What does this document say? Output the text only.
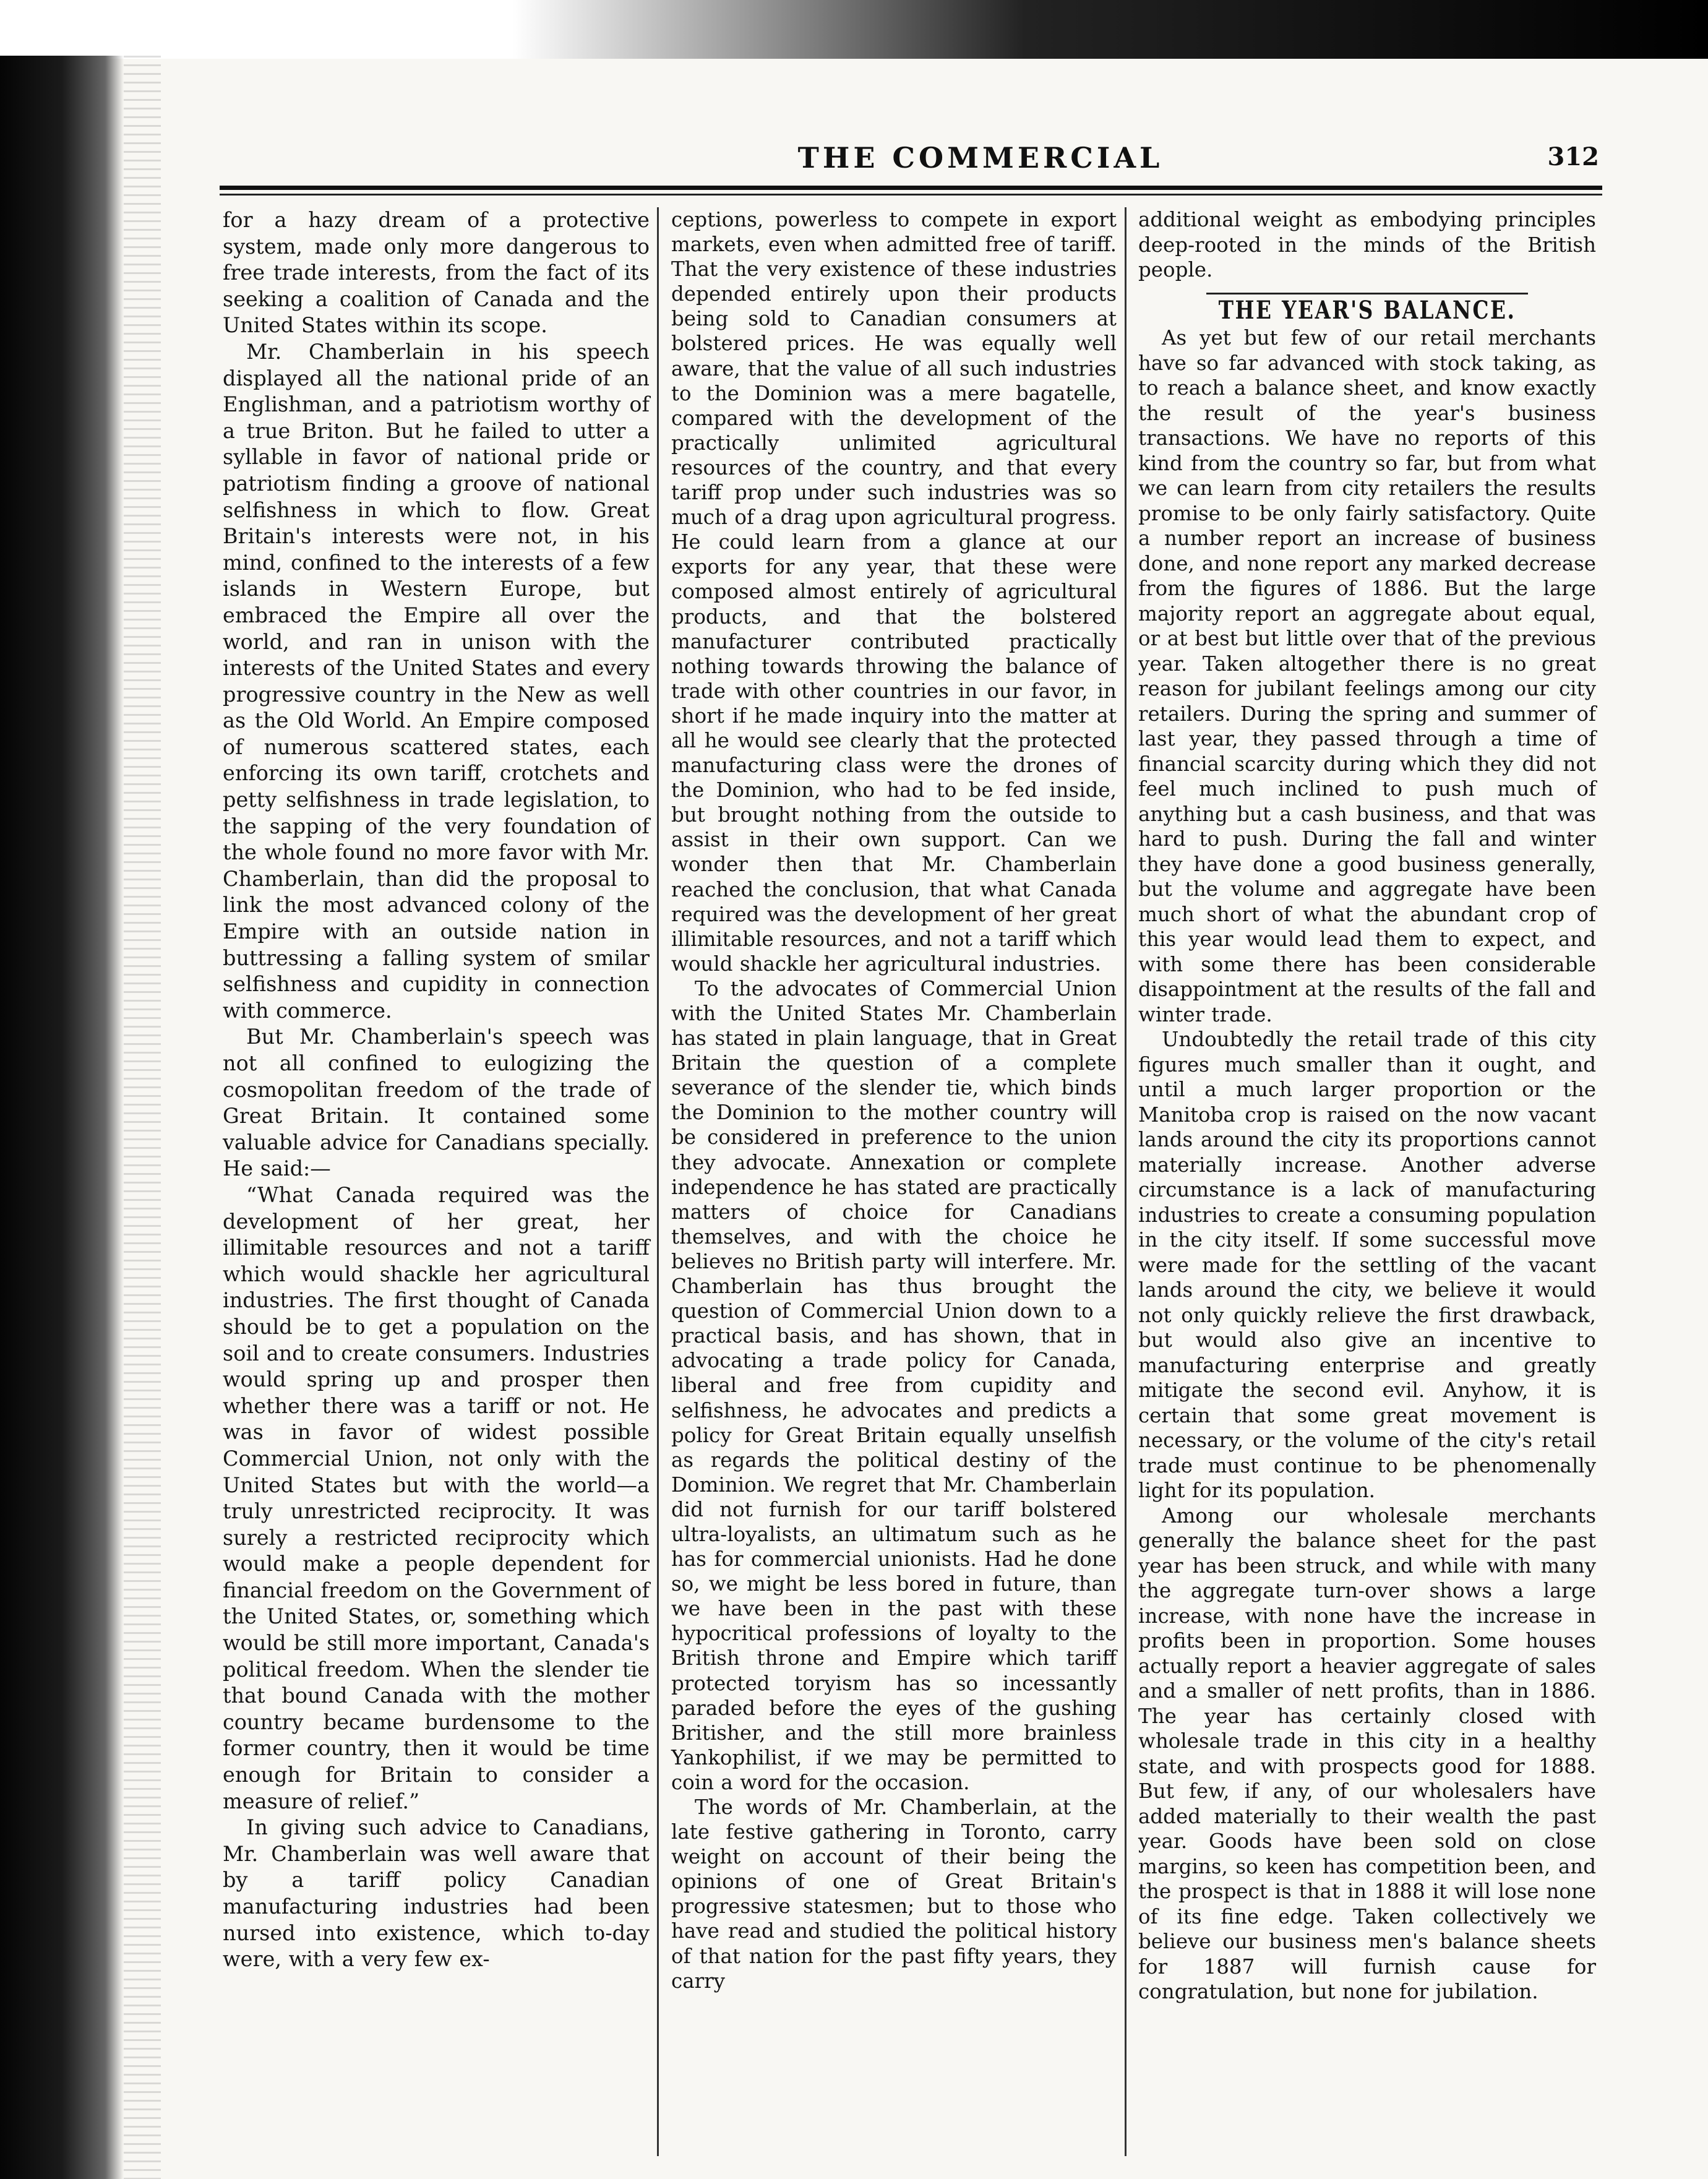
THE COMMERCIAL	312

for a hazy dream of a protective system, made only more dangerous to free trade interests, from the fact of its seeking a coalition of Canada and the United States within its scope.

Mr. Chamberlain in his speech displayed all the national pride of an Englishman, and a patriotism worthy of a true Briton. But he failed to utter a syllable in favor of national pride or patriotism finding a groove of national selfishness in which to flow. Great Britain's interests were not, in his mind, confined to the interests of a few islands in Western Europe, but embraced the Empire all over the world, and ran in unison with the interests of the United States and every progressive country in the New as well as the Old World. An Empire composed of numerous scattered states, each enforcing its own tariff, crotchets and petty selfishness in trade legislation, to the sapping of the very foundation of the whole found no more favor with Mr. Chamberlain, than did the proposal to link the most advanced colony of the Empire with an outside nation in buttressing a falling system of smilar selfishness and cupidity in connection with commerce.

But Mr. Chamberlain's speech was not all confined to eulogizing the cosmopolitan freedom of the trade of Great Britain. It contained some valuable advice for Canadians specially. He said:—

“What Canada required was the development of her great, her illimitable resources and not a tariff which would shackle her agricultural industries. The first thought of Canada should be to get a population on the soil and to create consumers. Industries would spring up and prosper then whether there was a tariff or not. He was in favor of widest possible Commercial Union, not only with the United States but with the world—a truly unrestricted reciprocity. It was surely a restricted reciprocity which would make a people dependent for financial freedom on the Government of the United States, or, something which would be still more important, Canada's political freedom. When the slender tie that bound Canada with the mother country became burdensome to the former country, then it would be time enough for Britain to consider a measure of relief.”

In giving such advice to Canadians, Mr. Chamberlain was well aware that by a tariff policy Canadian manufacturing industries had been nursed into existence, which to-day were, with a very few ex-

ceptions, powerless to compete in export markets, even when admitted free of tariff. That the very existence of these industries depended entirely upon their products being sold to Canadian consumers at bolstered prices. He was equally well aware, that the value of all such industries to the Dominion was a mere bagatelle, compared with the development of the practically unlimited agricultural resources of the country, and that every tariff prop under such industries was so much of a drag upon agricultural progress. He could learn from a glance at our exports for any year, that these were composed almost entirely of agricultural products, and that the bolstered manufacturer contributed practically nothing towards throwing the balance of trade with other countries in our favor, in short if he made inquiry into the matter at all he would see clearly that the protected manufacturing class were the drones of the Dominion, who had to be fed inside, but brought nothing from the outside to assist in their own support. Can we wonder then that Mr. Chamberlain reached the conclusion, that what Canada required was the development of her great illimitable resources, and not a tariff which would shackle her agricultural industries.

To the advocates of Commercial Union with the United States Mr. Chamberlain has stated in plain language, that in Great Britain the question of a complete severance of the slender tie, which binds the Dominion to the mother country will be considered in preference to the union they advocate. Annexation or complete independence he has stated are practically matters of choice for Canadians themselves, and with the choice he believes no British party will interfere. Mr. Chamberlain has thus brought the question of Commercial Union down to a practical basis, and has shown, that in advocating a trade policy for Canada, liberal and free from cupidity and selfishness, he advocates and predicts a policy for Great Britain equally unselfish as regards the political destiny of the Dominion. We regret that Mr. Chamberlain did not furnish for our tariff bolstered ultra-loyalists, an ultimatum such as he has for commercial unionists. Had he done so, we might be less bored in future, than we have been in the past with these hypocritical professions of loyalty to the British throne and Empire which tariff protected toryism has so incessantly paraded before the eyes of the gushing Britisher, and the still more brainless Yankophilist, if we may be permitted to coin a word for the occasion.

The words of Mr. Chamberlain, at the late festive gathering in Toronto, carry weight on account of their being the opinions of one of Great Britain's progressive statesmen; but to those who have read and studied the political history of that nation for the past fifty years, they carry

additional weight as embodying principles deep-rooted in the minds of the British people.

THE YEAR'S BALANCE.

As yet but few of our retail merchants have so far advanced with stock taking, as to reach a balance sheet, and know exactly the result of the year's business transactions. We have no reports of this kind from the country so far, but from what we can learn from city retailers the results promise to be only fairly satisfactory. Quite a number report an increase of business done, and none report any marked decrease from the figures of 1886. But the large majority report an aggregate about equal, or at best but little over that of the previous year. Taken altogether there is no great reason for jubilant feelings among our city retailers. During the spring and summer of last year, they passed through a time of financial scarcity during which they did not feel much inclined to push much of anything but a cash business, and that was hard to push. During the fall and winter they have done a good business generally, but the volume and aggregate have been much short of what the abundant crop of this year would lead them to expect, and with some there has been considerable disappointment at the results of the fall and winter trade.

Undoubtedly the retail trade of this city figures much smaller than it ought, and until a much larger proportion or the Manitoba crop is raised on the now vacant lands around the city its proportions cannot materially increase. Another adverse circumstance is a lack of manufacturing industries to create a consuming population in the city itself. If some successful move were made for the settling of the vacant lands around the city, we believe it would not only quickly relieve the first drawback, but would also give an incentive to manufacturing enterprise and greatly mitigate the second evil. Anyhow, it is certain that some great movement is necessary, or the volume of the city's retail trade must continue to be phenomenally light for its population.

Among our wholesale merchants generally the balance sheet for the past year has been struck, and while with many the aggregate turn-over shows a large increase, with none have the increase in profits been in proportion. Some houses actually report a heavier aggregate of sales and a smaller of nett profits, than in 1886. The year has certainly closed with wholesale trade in this city in a healthy state, and with prospects good for 1888. But few, if any, of our wholesalers have added materially to their wealth the past year. Goods have been sold on close margins, so keen has competition been, and the prospect is that in 1888 it will lose none of its fine edge. Taken collectively we believe our business men's balance sheets for 1887 will furnish cause for congratulation, but none for jubilation.
